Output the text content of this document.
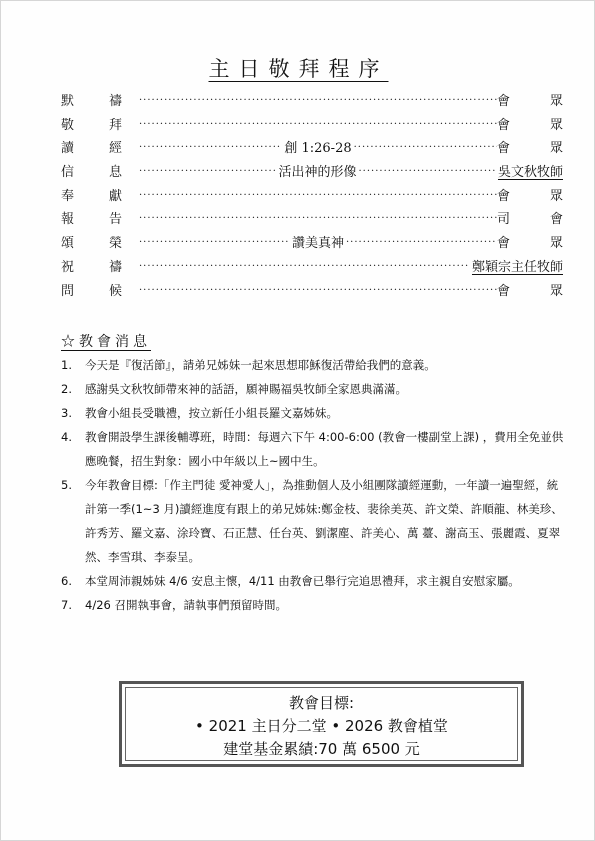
主日敬拜程序
默	禱 ·····	會	眾
敬	拜 ·····	會	眾
讀	經 ·····	創 1:26-28 ·····	會	眾
信	息 ·····	活出神的形像 ·····	吳文秋牧師
奉	獻 ·····	會	眾
報	告 ·····	司	會
頌	榮 ·····	讚美真神 ·····	會	眾
祝	禱 ·····	鄭穎宗主任牧師
問	候 ·····	會	眾
☆教會消息
1.	今天是『復活節』，請弟兄姊妹一起來思想耶穌復活帶給我們的意義。
2.	感謝吳文秋牧師帶來神的話語，願神賜福吳牧師全家恩典滿滿。
3.	教會小組長受職禮，按立新任小組長羅文嘉姊妹。
4.	教會開設學生課後輔導班，時間：每週六下午 4:00-6:00 (教會一樓副堂上課) ，費用全免並供應晚餐，招生對象：國小中年級以上~國中生。
5.	今年教會目標:「作主門徒 愛神愛人」，為推動個人及小組團隊讀經運動，一年讀一遍聖經，統計第一季(1~3 月)讀經進度有跟上的弟兄姊妹:鄭金枝、裴徐美英、許文榮、許順龍、林美珍、許秀芳、羅文嘉、涂玲寶、石正慧、任台英、劉潔塵、許美心、萬 薹、謝高玉、張麗霞、夏翠然、李雪琪、李泰呈。
6.	本堂周沛親姊妹 4/6 安息主懷，4/11 由教會已舉行完追思禮拜，求主親自安慰家屬。
7.	4/26 召開執事會，請執事們預留時間。
教會目標:
• 2021 主日分二堂 • 2026 教會植堂
建堂基金累績:70 萬 6500 元
